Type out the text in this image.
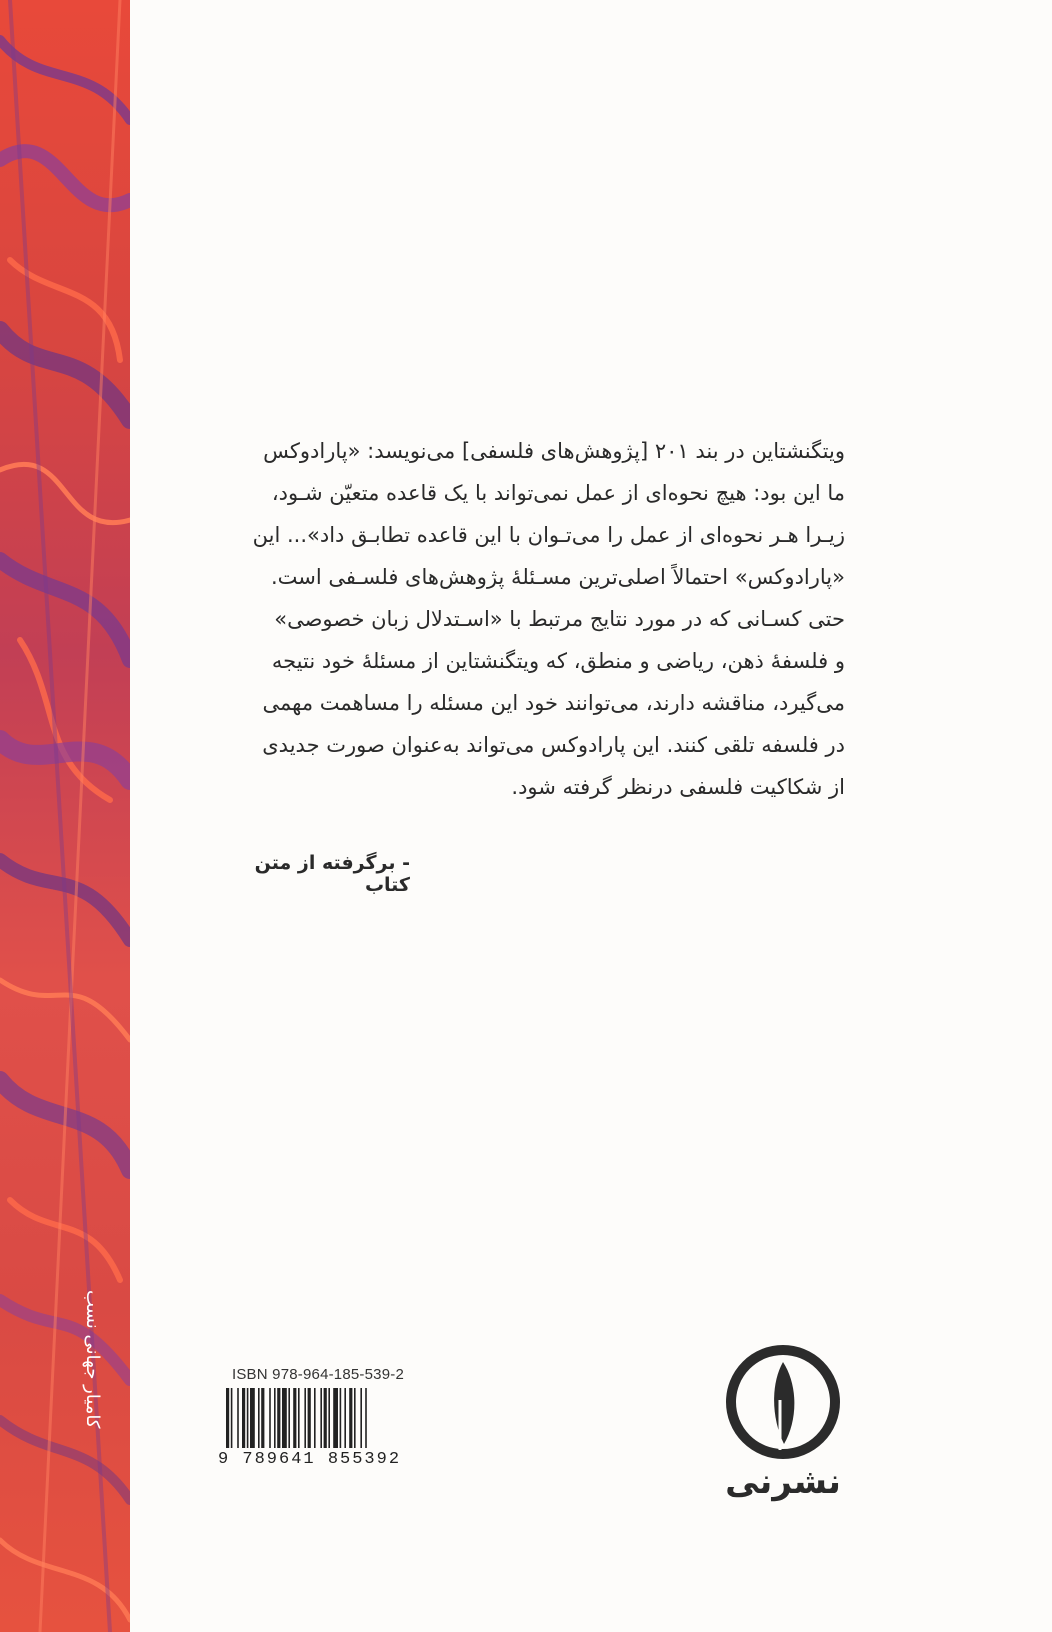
کامیار جهانی نسب

ویتگنشتاین در بند ۲۰۱ [پژوهش‌های فلسفی] می‌نویسد: «پارادوکس

ما این بود: هیچ نحوه‌ای از عمل نمی‌تواند با یک قاعده متعیّن شـود،

زیـرا هـر نحوه‌ای از عمل را می‌تـوان با این قاعده تطابـق داد»... این

«پارادوکس» احتمالاً اصلی‌ترین مسـئلۀ پژوهش‌های فلسـفی است.

حتی کسـانی که در مورد نتایج مرتبط با «اسـتدلال زبان خصوصی»

و فلسفۀ ذهن، ریاضی و منطق، که ویتگنشتاین از مسئلۀ خود نتیجه

می‌گیرد، مناقشه دارند، می‌توانند خود این مسئله را مساهمت مهمی

در فلسفه تلقی کنند. این پارادوکس می‌تواند به‌عنوان صورت جدیدی

از شکاکیت فلسفی درنظر گرفته شود.

- برگرفته از متن کتاب
ISBN 978-964-185-539-2
9 789641 855392
نشرنی
